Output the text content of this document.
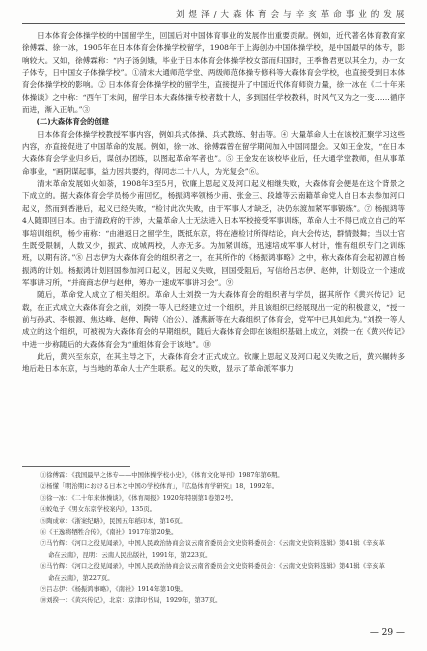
刘 煜 泽 / 大 森 体 育 会 与 辛 亥 革 命 事 业 的 发 展

日本体育会体操学校的中国留学生，回国后对中国体育事业的发展作出重要贡献。例如，近代著名体育教育家徐傅霖、徐一冰，1905年在日本体育会体操学校留学，1908年于上海创办中国体操学校，是中国最早的体专，影响较大。又如，徐傅霖称：“内子汤剑娥，毕业于日本体育会体操学校女部而归国时，王季鲁君更以其全力，办一女子体专，日中国女子体操学校”。①清末大通师范学堂、两级师范体操专修科等大森体育会学校，也直接受到日本体育会体操学校的影响。② 日本体育会体操学校的留学生，直接提升了中国近代体育师资力量，徐一冰在《二十年来体操谈》之中称：“西午丁未间，留学日本大森体操专校者数十人，多到国任学校教科，时风气又为之一变……循序而进，渐入正轨。”③

(二)大森体育会的创建

日本体育会体操学校教授军事内容，例如兵式体操、兵式教练、射击等。④ 大量革命人士在该校汇聚学习这些内容，亦直接促进了中国革命的发展。例如，徐一冰、徐傅霖曾在留学期间加入中国同盟会。又如王金发，“在日本大森体育会学业归乡后，谋创办团练，以图起革命军者也”。⑤ 王金发在该校毕业后，任大通学堂教师，但从事革命事业，“画阴谋起事，益力因共要约，得同志二十八人，为光复会”⑥。

清末革命发展如火如荼，1908年3至5月，钦廉上思起义及河口起义相继失败，大森体育会便是在这个背景之下成立的。据大森体育会学员杨少甫回忆，杨振鸿率领杨少甫、张金三、段雄等云南籍革命党人自日本去参加河口起义，然而到香港后，起义已经失败，“检讨此次失败，由于军事人才缺乏，决仍东渡加紧军事锻炼”。⑦ 杨振鸿等4人随即回日本。由于清政府的干涉，大量革命人士无法进入日本军校接受军事训练，革命人士不得已成立自己的军事培训组织，杨少甫称：“由港返日之留学生，既抵东京，将在港检讨所得结论，向大会传达，群情鼓舞；当以士官生既受限制，人数又少，振武、成城两校，人亦无多。为加紧训练，迅速培成军事人材计，惟有组织专门之训练班，以期有济。”⑧ 吕志伊为大森体育会的组织者之一，在其所作的《杨振鸿事略》之中，称大森体育会起初源自杨振鸿的计划。杨振鸿计划回国参加河口起义，因起义失败，回国受阻后，写信给吕志伊、赵伸，计划设立一个速成军事讲习所，“并商商志伊与赵伸，筹办一速成军事讲习会”。⑨

随后，革命党人成立了相关组织。革命人士刘揆一为大森体育会的组织者与学员，据其所作《黄兴传记》记载，在正式成立大森体育会之前，刘揆一等人已经建立过一个组织，并且该组织已经展现出一定的积极意义，“授一前与孙武、李根源、焦达峰、赵伸、陶铸（冶公）、潘燕新等在大森组织了体育会，党军中已具如此为。”刘揆一等人成立的这个组织，可被视为大森体育会的早期组织，随后大森体育会即在该组织基础上成立，刘揆一在《黄兴传记》中进一步称随后的大森体育会为“重组体育会于该地”。⑩

此后，黄兴至东京，在其主导之下，大森体育会才正式成立。钦廉上思起义及河口起义失败之后，黄兴辗转多地后赴日本东京，与当地的革命人士产生联系。起义的失败，显示了革命派军事力

①徐傅霖：《我国最早之体专——中国体操学校小史》，《体育文化导刊》1987年第6期。

②杨懂「明治期における日本と中国の学校体育」，『広島体育学研究』18，1992年。

③徐一冰：《二十年来体操谈》，《体育周报》1920年特别第1卷第2号。

④蛟龟子《男女东京学校案内》，135页。

⑤陶成章：《浙案纪略》，民国五年稻印本，第16页。

⑥《王逸将牺牲合传》，《南社》1917年第20集。

⑦马竹辉：《河口之役见闻录》，中国人民政治协商会议云南省委员会文史资料委员会：《云南文史资料选辑》第41辑《辛亥革

命在云南》，昆明：云南人民出版社，1991年，第223页。

⑧马竹辉：《河口之役见闻录》，中国人民政治协商会议云南省委员会文史资料委员会：《云南文史资料选辑》第41辑《辛亥革

命在云南》，第227页。

⑨吕志伊：《杨振鸿事略》，《南社》1914年第10集。

⑩刘揆一：《黄兴传记》，北京：京津印书局，1929年，第37页。

— 29 —
